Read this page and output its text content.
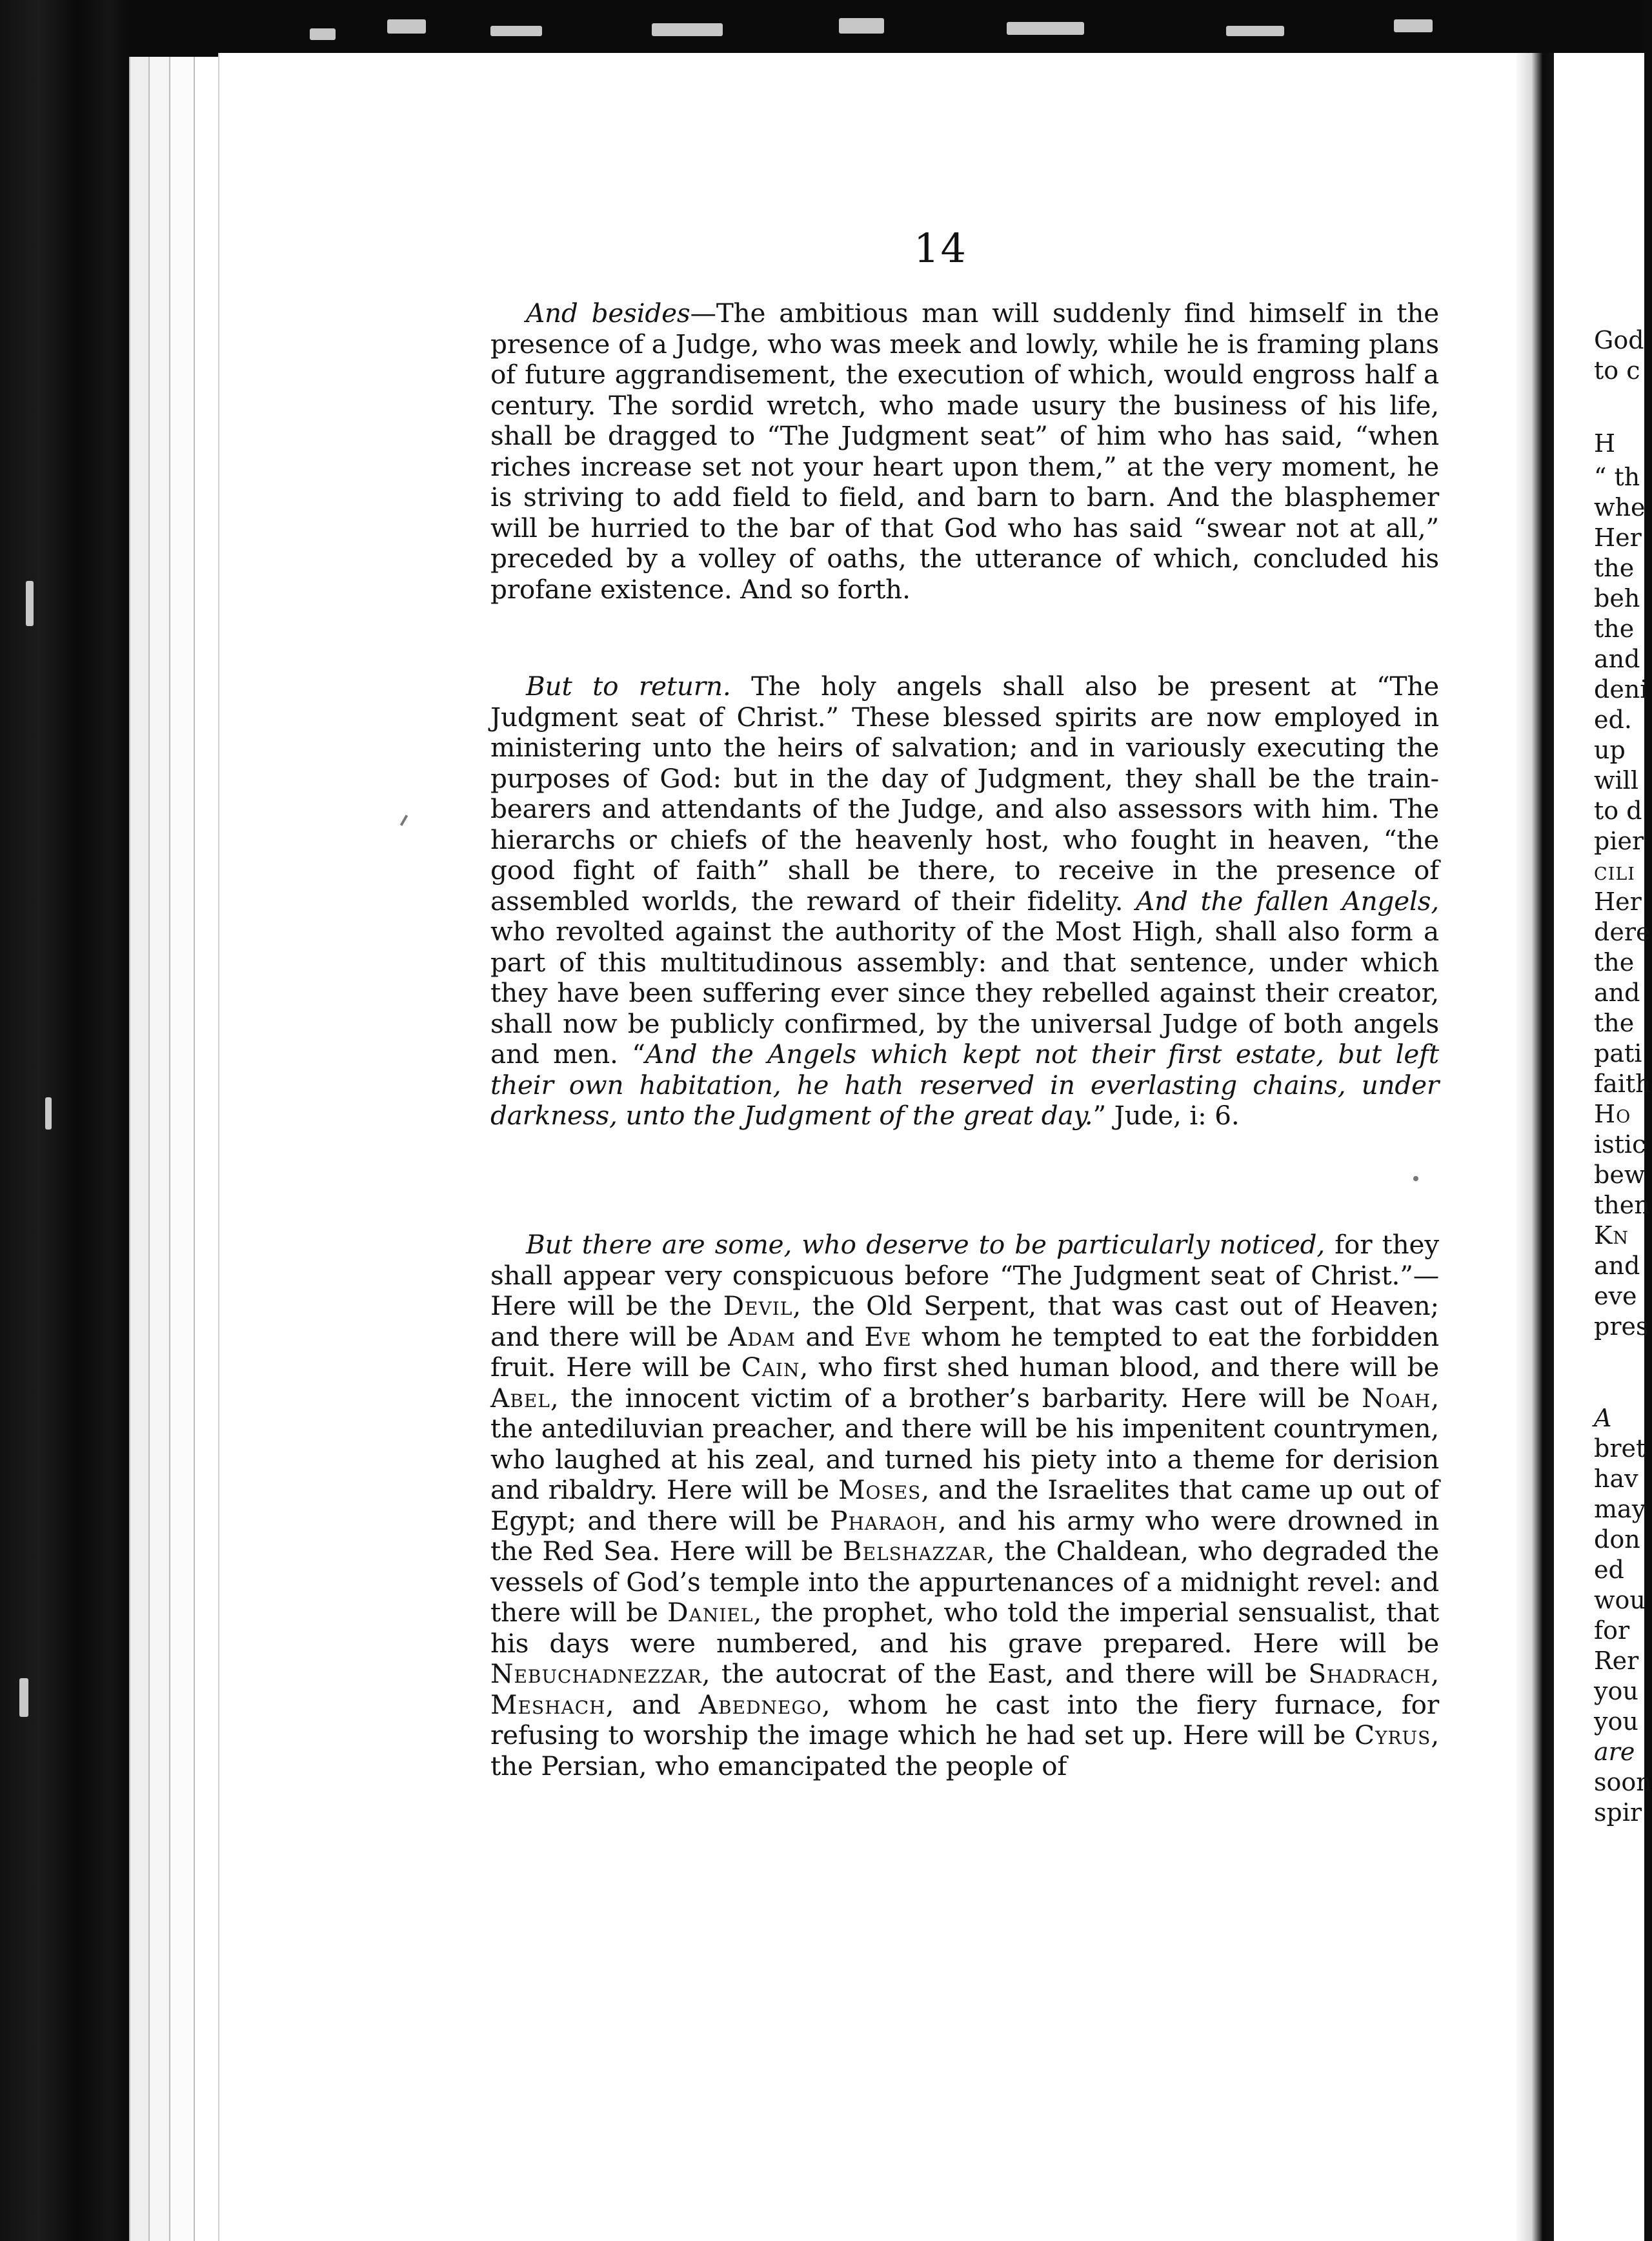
14

And besides—The ambitious man will suddenly find himself in the presence of a Judge, who was meek and lowly, while he is framing plans of future aggrandisement, the execution of which, would engross half a century. The sordid wretch, who made usury the business of his life, shall be dragged to “The Judgment seat” of him who has said, “when riches increase set not your heart upon them,” at the very moment, he is striving to add field to field, and barn to barn. And the blasphemer will be hurried to the bar of that God who has said “swear not at all,” preceded by a volley of oaths, the utterance of which, concluded his profane existence. And so forth.

But to return. The holy angels shall also be present at “The Judgment seat of Christ.” These blessed spirits are now employed in ministering unto the heirs of salvation; and in variously executing the purposes of God: but in the day of Judgment, they shall be the train-bearers and attendants of the Judge, and also assessors with him. The hierarchs or chiefs of the heavenly host, who fought in heaven, “the good fight of faith” shall be there, to receive in the presence of assembled worlds, the reward of their fidelity. And the fallen Angels, who revolted against the authority of the Most High, shall also form a part of this multitudinous assembly: and that sentence, under which they have been suffering ever since they rebelled against their creator, shall now be publicly confirmed, by the universal Judge of both angels and men. “And the Angels which kept not their first estate, but left their own habitation, he hath reserved in everlasting chains, under darkness, unto the Judgment of the great day.” Jude, i: 6.

But there are some, who deserve to be particularly noticed, for they shall appear very conspicuous before “The Judgment seat of Christ.”—Here will be the Devil, the Old Serpent, that was cast out of Heaven; and there will be Adam and Eve whom he tempted to eat the forbidden fruit. Here will be Cain, who first shed human blood, and there will be Abel, the innocent victim of a brother’s barbarity. Here will be Noah, the antediluvian preacher, and there will be his impenitent countrymen, who laughed at his zeal, and turned his piety into a theme for derision and ribaldry. Here will be Moses, and the Israelites that came up out of Egypt; and there will be Pharaoh, and his army who were drowned in the Red Sea. Here will be Belshazzar, the Chaldean, who degraded the vessels of God’s temple into the appurtenances of a midnight revel: and there will be Daniel, the prophet, who told the imperial sensualist, that his days were numbered, and his grave prepared. Here will be Nebuchadnezzar, the autocrat of the East, and there will be Shadrach, Meshach, and Abednego, whom he cast into the fiery furnace, for refusing to worship the image which he had set up. Here will be Cyrus, the Persian, who emancipated the people of

God
to c
H
“ th
whe
Her
the
beh
the
and
deni
ed.
up
will
to d
pier
cili
Her
dere
the
and
the
pati
faith
Ho
istic
bew
then
Kn
and
eve
pres
A
bret
hav
may
don
ed
wou
for
Rer
you
you
are
soon
spir
